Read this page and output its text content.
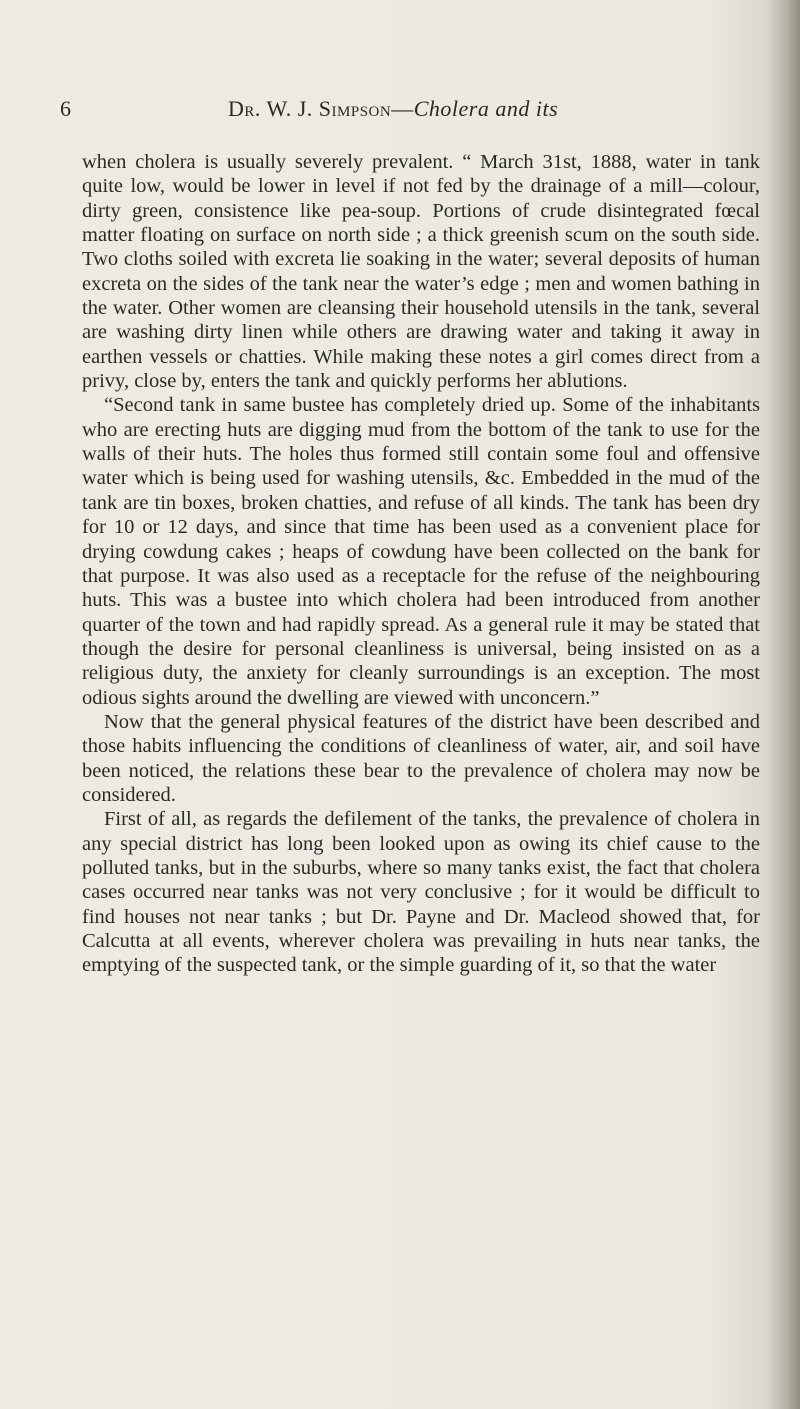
6	Dr. W. J. Simpson—Cholera and its

when cholera is usually severely prevalent. “ March 31st, 1888, water in tank quite low, would be lower in level if not fed by the drainage of a mill—colour, dirty green, consistence like pea-soup. Portions of crude disintegrated fœcal matter floating on surface on north side ; a thick greenish scum on the south side. Two cloths soiled with excreta lie soaking in the water; several deposits of human excreta on the sides of the tank near the water’s edge ; men and women bathing in the water. Other women are cleansing their household utensils in the tank, several are washing dirty linen while others are drawing water and taking it away in earthen vessels or chatties. While making these notes a girl comes direct from a privy, close by, enters the tank and quickly performs her ablutions.

“Second tank in same bustee has completely dried up. Some of the inhabitants who are erecting huts are digging mud from the bottom of the tank to use for the walls of their huts. The holes thus formed still contain some foul and offensive water which is being used for washing utensils, &c. Embedded in the mud of the tank are tin boxes, broken chatties, and refuse of all kinds. The tank has been dry for 10 or 12 days, and since that time has been used as a convenient place for drying cowdung cakes ; heaps of cowdung have been collected on the bank for that purpose. It was also used as a receptacle for the refuse of the neighbouring huts. This was a bustee into which cholera had been introduced from another quarter of the town and had rapidly spread. As a general rule it may be stated that though the desire for personal cleanliness is universal, being insisted on as a religious duty, the anxiety for cleanly surroundings is an exception. The most odious sights around the dwelling are viewed with unconcern.”

Now that the general physical features of the district have been described and those habits influencing the conditions of cleanliness of water, air, and soil have been noticed, the relations these bear to the prevalence of cholera may now be considered.

First of all, as regards the defilement of the tanks, the prevalence of cholera in any special district has long been looked upon as owing its chief cause to the polluted tanks, but in the suburbs, where so many tanks exist, the fact that cholera cases occurred near tanks was not very conclusive ; for it would be difficult to find houses not near tanks ; but Dr. Payne and Dr. Macleod showed that, for Calcutta at all events, wherever cholera was prevailing in huts near tanks, the emptying of the suspected tank, or the simple guarding of it, so that the water
